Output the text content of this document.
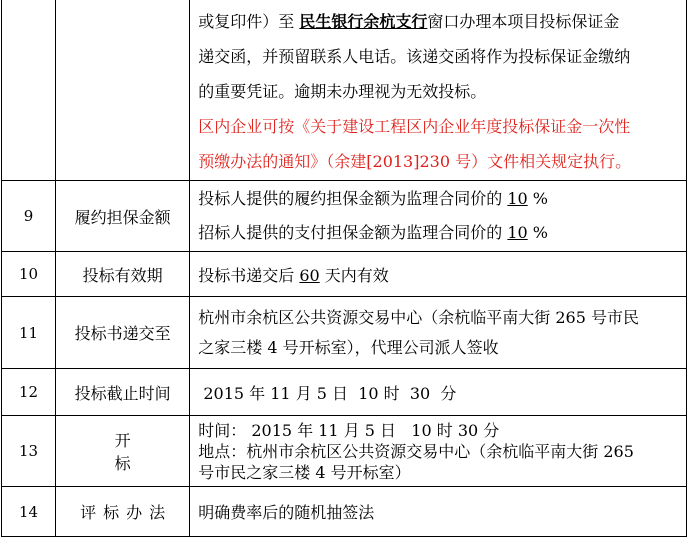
		或复印件）至 民生银行余杭支行窗口办理本项目投标保证金
递交函，并预留联系人电话。该递交函将作为投标保证金缴纳
的重要凭证。逾期未办理视为无效投标。
区内企业可按《关于建设工程区内企业年度投标保证金一次性
预缴办法的通知》（余建[2013]230 号）文件相关规定执行。

9	履约担保金额	投标人提供的履约担保金额为监理合同价的 10 %
招标人提供的支付担保金额为监理合同价的 10 %

10	投标有效期	投标书递交后 60 天内有效
11	投标书递交至	杭州市余杭区公共资源交易中心（余杭临平南大街 265 号市民
之家三楼 4 号开标室），代理公司派人签收

12	投标截止时间	2015 年 11 月 5 日  10 时  30  分
13	开标	时间： 2015 年 11 月 5 日   10 时 30 分
地点：杭州市余杭区公共资源交易中心（余杭临平南大街 265
号市民之家三楼 4 号开标室）

14	评标办法	明确费率后的随机抽签法
